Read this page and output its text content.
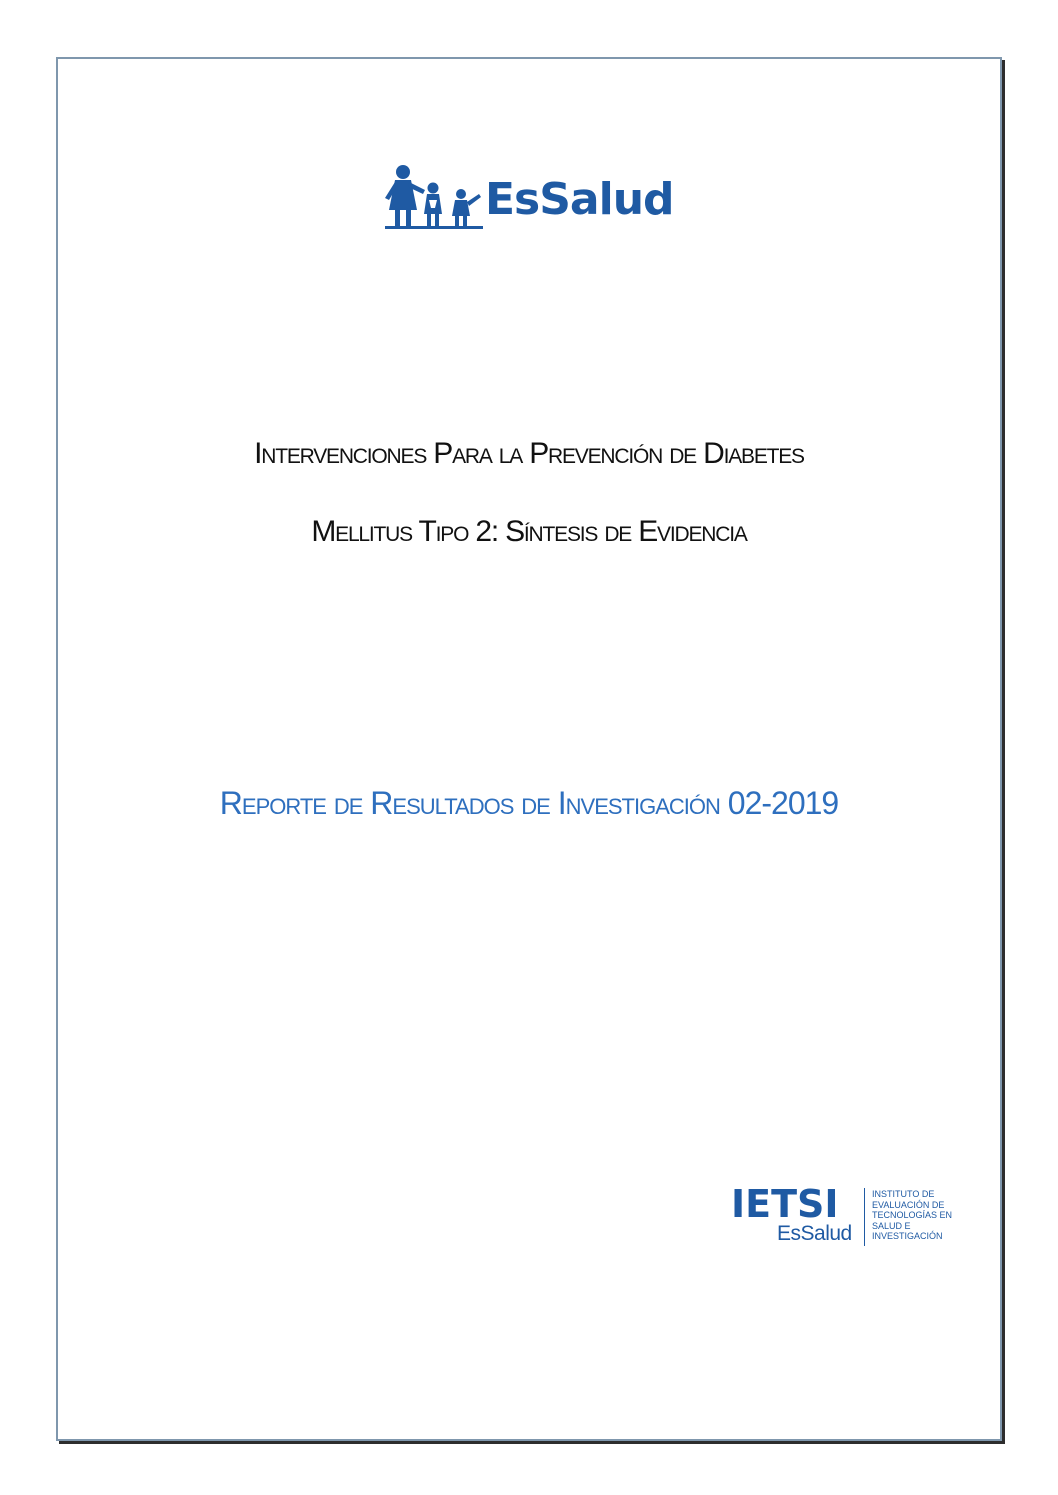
EsSalud
Intervenciones Para la Prevención de Diabetes
Mellitus Tipo 2: Síntesis de Evidencia
Reporte de Resultados de Investigación 02-2019
IETSI
EsSalud
INSTITUTO DE
EVALUACIÓN DE
TECNOLOGÍAS EN
SALUD E
INVESTIGACIÓN
